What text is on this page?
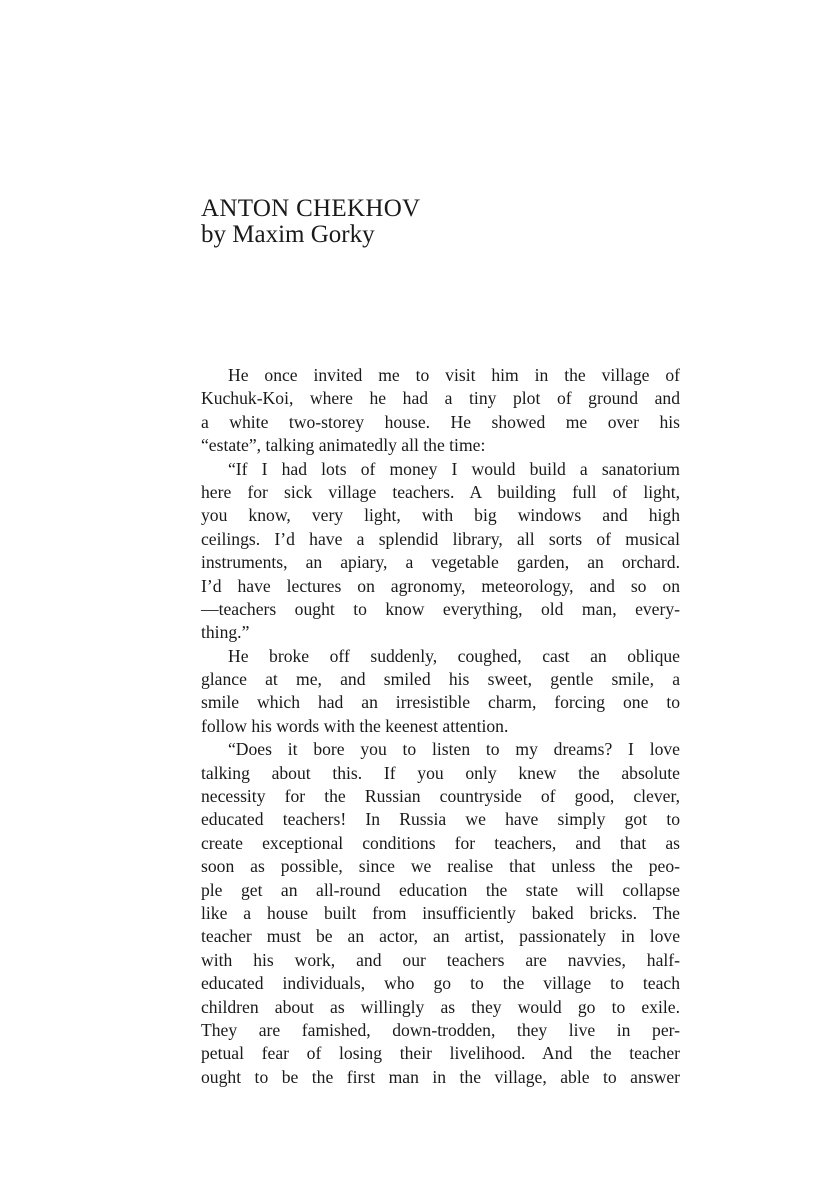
ANTON CHEKHOV
by Maxim Gorky
He once invited me to visit him in the village of
Kuchuk-Koi, where he had a tiny plot of ground and
a white two-storey house. He showed me over his
“estate”, talking animatedly all the time:
“If I had lots of money I would build a sanatorium
here for sick village teachers. A building full of light,
you know, very light, with big windows and high
ceilings. I’d have a splendid library, all sorts of musical
instruments, an apiary, a vegetable garden, an orchard.
I’d have lectures on agronomy, meteorology, and so on
—teachers ought to know everything, old man, every-
thing.”
He broke off suddenly, coughed, cast an oblique
glance at me, and smiled his sweet, gentle smile, a
smile which had an irresistible charm, forcing one to
follow his words with the keenest attention.
“Does it bore you to listen to my dreams? I love
talking about this. If you only knew the absolute
necessity for the Russian countryside of good, clever,
educated teachers! In Russia we have simply got to
create exceptional conditions for teachers, and that as
soon as possible, since we realise that unless the peo-
ple get an all-round education the state will collapse
like a house built from insufficiently baked bricks. The
teacher must be an actor, an artist, passionately in love
with his work, and our teachers are navvies, half-
educated individuals, who go to the village to teach
children about as willingly as they would go to exile.
They are famished, down-trodden, they live in per-
petual fear of losing their livelihood. And the teacher
ought to be the first man in the village, able to answer
